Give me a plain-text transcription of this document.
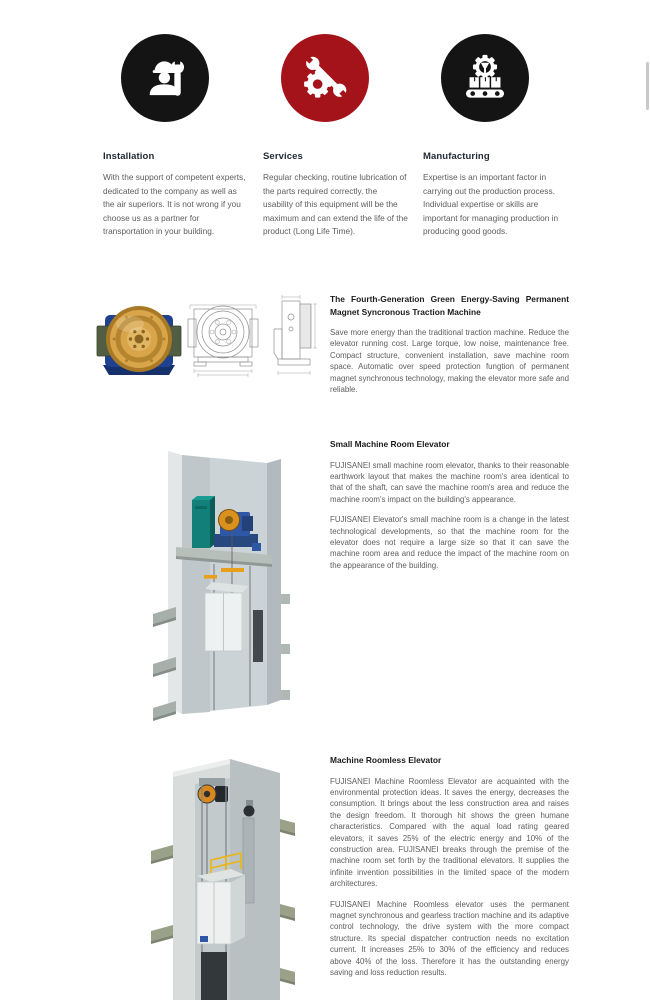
Installation
With the support of competent experts, dedicated to the company as well as the air superiors. It is not wrong if you choose us as a partner for transportation in your building.
Services
Regular checking, routine lubrication of the parts required correctly. the usability of this equipment will be the maximum and can extend the life of the product (Long Life Time).
Manufacturing
Expertise is an important factor in carrying out the production process. Individual expertise or skills are important for managing production in producing good goods.
The Fourth-Generation Green Energy-Saving Permanent Magnet Syncronous Traction Machine

Save more energy than the traditional traction machine. Reduce the elevator running cost. Large torque, low noise, maintenance free. Compact structure, convenient installation, save machine room space. Automatic over speed protection fungtion of permanent magnet synchronous technology, making the elevator more safe and reliable.

Small Machine Room Elevator

FUJISANEI small machine room elevator, thanks to their reasonable earthwork layout that makes the machine room's area identical to that of the shaft, can save the machine room's area and reduce the machine room's impact on the building's appearance.

FUJISANEI Elevator's small machine room is a change in the latest technological developments, so that the machine room for the elevator does not require a large size so that it can save the machine room area and reduce the impact of the machine room on the appearance of the building.

Machine Roomless Elevator

FUJISANEI Machine Roomless Elevator are acquainted with the environmental protection ideas. It saves the energy, decreases the consumption. It brings about the less construction area and raises the design freedom. It thorough hit shows the green humane characteristics. Compared with the aqual load rating geared elevators, it saves 25% of the electric energy and 10% of the construction area. FUJISANEI breaks through the premise of the machine room set forth by the traditional elevators. It supplies the infinite invention possibilities in the limited space of the modern architectures.

FUJISANEI Machine Roomless elevator uses the permanent magnet synchronous and gearless traction machine and its adaptive control technology, the drive system with the more compact structure. Its special dispatcher contruction needs no excitation current. It increases 25% to 30% of the efficiency and reduces above 40% of the loss. Therefore it has the outstanding energy saving and loss reduction results.
